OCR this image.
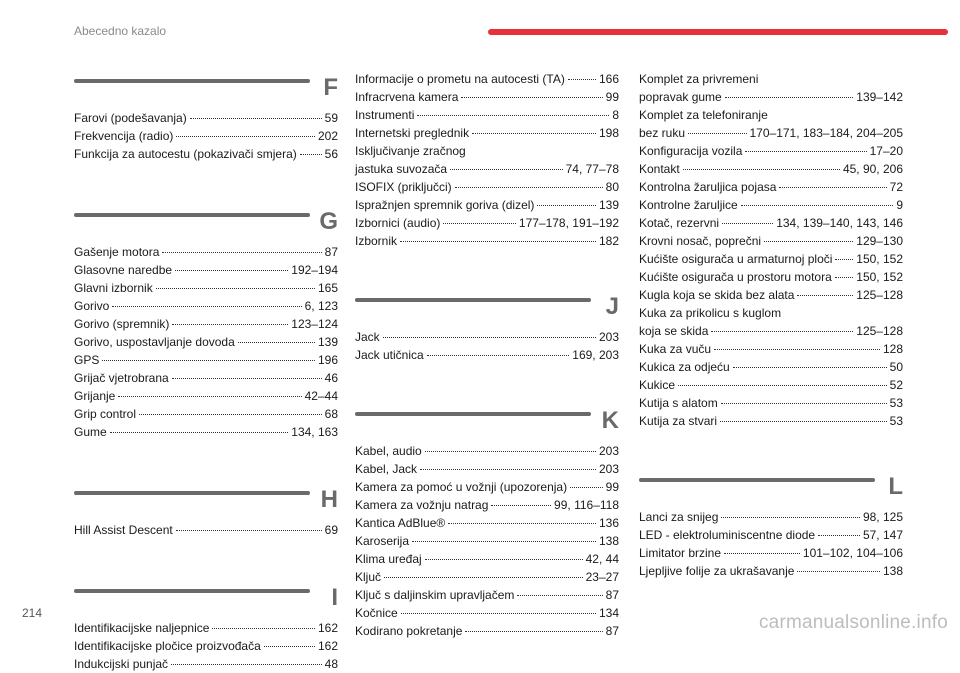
Abecedno kazalo
F
Farovi (podešavanja)	59
Frekvencija (radio)	202
Funkcija za autocestu (pokazivači smjera) 56
G
Gašenje motora	87
Glasovne naredbe	192–194
Glavni izbornik	165
Gorivo	6, 123
Gorivo (spremnik)	123–124
Gorivo, uspostavljanje dovoda	139
GPS	196
Grijač vjetrobrana	46
Grijanje	42–44
Grip control	68
Gume	134, 163
H
Hill Assist Descent	69
I
Identifikacijske naljepnice	162
Identifikacijske pločice proizvođača	162
Indukcijski punjač	48
Informacije o prometu na autocesti (TA)	166
Infracrvena kamera	99
Instrumenti	8
Internetski preglednik	198
Isključivanje zračnog
jastuka suvozača	74, 77–78
ISOFIX (priključci)	80
Ispražnjen spremnik goriva (dizel)	139
Izbornici (audio)	177–178, 191–192
Izbornik	182
J
Jack	203
Jack utičnica	169, 203
K
Kabel, audio	203
Kabel, Jack	203
Kamera za pomoć u vožnji (upozorenja)	99
Kamera za vožnju natrag	99, 116–118
Kantica AdBlue®	136
Karoserija	138
Klima uređaj	42, 44
Ključ	23–27
Ključ s daljinskim upravljačem	87
Kočnice	134
Kodirano pokretanje	87
Komplet za privremeni
popravak gume	139–142
Komplet za telefoniranje
bez ruku	170–171, 183–184, 204–205
Konfiguracija vozila	17–20
Kontakt	45, 90, 206
Kontrolna žaruljica pojasa	72
Kontrolne žaruljice	9
Kotač, rezervni	134, 139–140, 143, 146
Krovni nosač, poprečni	129–130
Kućište osigurača u armaturnoj ploči 150, 152
Kućište osigurača u prostoru motora 150, 152
Kugla koja se skida bez alata	125–128
Kuka za prikolicu s kuglom
koja se skida	125–128
Kuka za vuču	128
Kukica za odjeću	50
Kukice	52
Kutija s alatom	53
Kutija za stvari	53
L
Lanci za snijeg	98, 125
LED - elektroluminiscentne diode	57, 147
Limitator brzine	101–102, 104–106
Ljepljive folije za ukrašavanje	138
214	carmanualsonline.info
